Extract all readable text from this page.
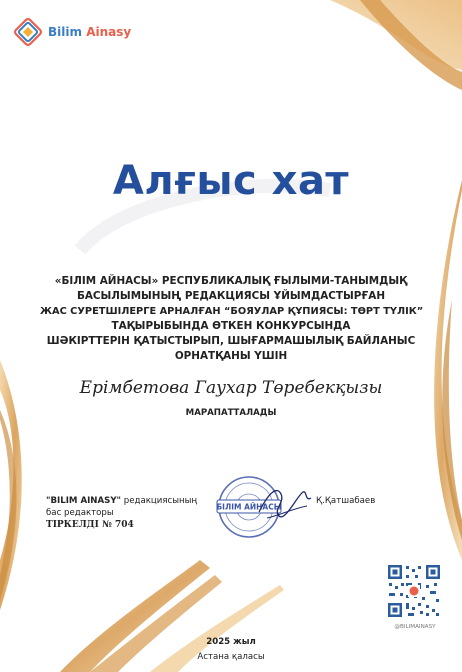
Bilim Ainasy
Алғыс хат
«БІЛІМ АЙНАСЫ» РЕСПУБЛИКАЛЫҚ ҒЫЛЫМИ-ТАНЫМДЫҚ
БАСЫЛЫМЫНЫҢ РЕДАКЦИЯСЫ ҰЙЫМДАСТЫРҒАН
ЖАС СУРЕТШІЛЕРГЕ АРНАЛҒАН “БОЯУЛАР ҚҰПИЯСЫ: ТӨРТ ТҮЛІК”
ТАҚЫРЫБЫНДА ӨТКЕН КОНКУРСЫНДА
ШӘКІРТТЕРІН ҚАТЫСТЫРЫП, ШЫҒАРМАШЫЛЫҚ БАЙЛАНЫС
ОРНАТҚАНЫ ҮШІН
Ерімбетова Гаухар Төребекқызы
МАРАПАТТАЛАДЫ
"BILIM AINASY" редакциясының
бас редакторы
ТІРКЕЛДІ № 704
БІЛІМ АЙНАСЫ
Қ.Қатшабаев
@BILIMAINASY
2025 жыл
Астана қаласы
